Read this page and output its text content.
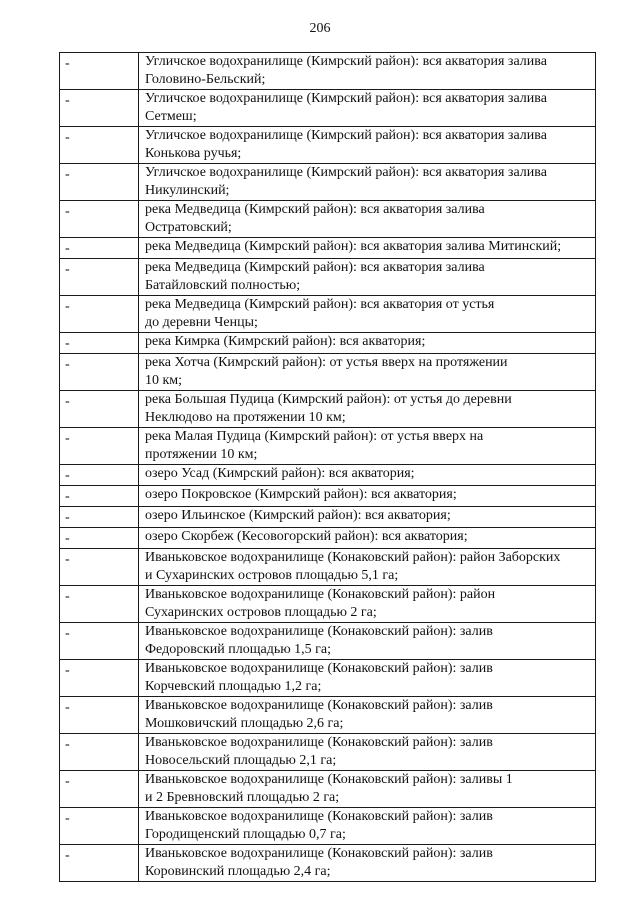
206
-	Угличское водохранилище (Кимрский район): вся акватория залива
Головино-Бельский;

-	Угличское водохранилище (Кимрский район): вся акватория залива
Сетмеш;

-	Угличское водохранилище (Кимрский район): вся акватория залива
Конькова ручья;

-	Угличское водохранилище (Кимрский район): вся акватория залива
Никулинский;

-	река Медведица (Кимрский район): вся акватория залива
Остратовский;

-	река Медведица (Кимрский район): вся акватория залива Митинский;

-	река Медведица (Кимрский район): вся акватория залива
Батайловский полностью;

-	река Медведица (Кимрский район): вся акватория от устья
до деревни Ченцы;

-	река Кимрка (Кимрский район): вся акватория;

-	река Хотча (Кимрский район): от устья вверх на протяжении
10 км;

-	река Большая Пудица (Кимрский район): от устья до деревни
Неклюдово на протяжении 10 км;

-	река Малая Пудица (Кимрский район): от устья вверх на
протяжении 10 км;

-	озеро Усад (Кимрский район): вся акватория;

-	озеро Покровское (Кимрский район): вся акватория;

-	озеро Ильинское (Кимрский район): вся акватория;

-	озеро Скорбеж (Кесовогорский район): вся акватория;

-	Иваньковское водохранилище (Конаковский район): район Заборских
и Сухаринских островов площадью 5,1 га;

-	Иваньковское водохранилище (Конаковский район): район
Сухаринских островов площадью 2 га;

-	Иваньковское водохранилище (Конаковский район): залив
Федоровский площадью 1,5 га;

-	Иваньковское водохранилище (Конаковский район): залив
Корчевский площадью 1,2 га;

-	Иваньковское водохранилище (Конаковский район): залив
Мошковичский площадью 2,6 га;

-	Иваньковское водохранилище (Конаковский район): залив
Новосельский площадью 2,1 га;

-	Иваньковское водохранилище (Конаковский район): заливы 1
и 2 Бревновский площадью 2 га;

-	Иваньковское водохранилище (Конаковский район): залив
Городищенский площадью 0,7 га;

-	Иваньковское водохранилище (Конаковский район): залив
Коровинский площадью 2,4 га;
